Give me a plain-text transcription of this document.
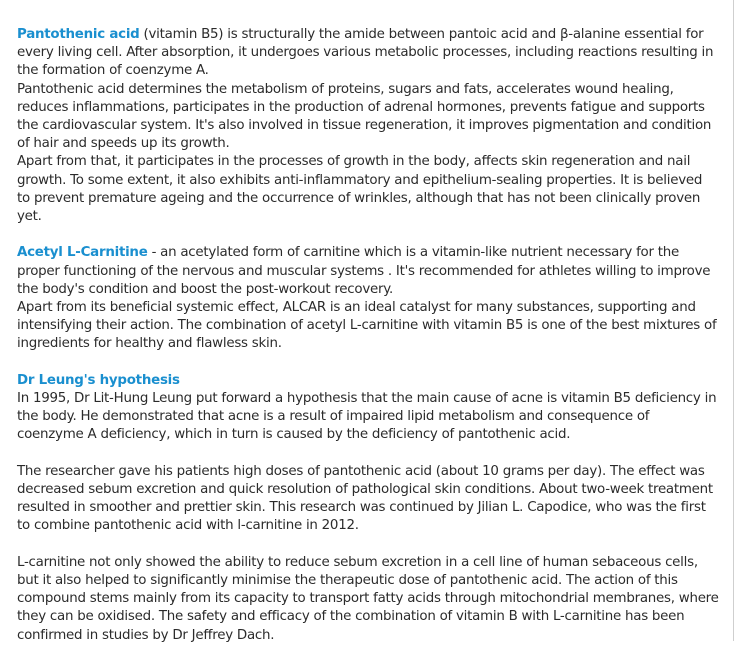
Pantothenic acid (vitamin B5) is structurally the amide between pantoic acid and β-alanine essential for every living cell. After absorption, it undergoes various metabolic processes, including reactions resulting in the formation of coenzyme A.

Pantothenic acid determines the metabolism of proteins, sugars and fats, accelerates wound healing, reduces inflammations, participates in the production of adrenal hormones, prevents fatigue and supports the cardiovascular system. It's also involved in tissue regeneration, it improves pigmentation and condition of hair and speeds up its growth.

Apart from that, it participates in the processes of growth in the body, affects skin regeneration and nail growth. To some extent, it also exhibits anti-inflammatory and epithelium-sealing properties. It is believed to prevent premature ageing and the occurrence of wrinkles, although that has not been clinically proven yet.

Acetyl L-Carnitine - an acetylated form of carnitine which is a vitamin-like nutrient necessary for the proper functioning of the nervous and muscular systems . It's recommended for athletes willing to improve the body's condition and boost the post-workout recovery.

Apart from its beneficial systemic effect, ALCAR is an ideal catalyst for many substances, supporting and intensifying their action. The combination of acetyl L-carnitine with vitamin B5 is one of the best mixtures of ingredients for healthy and flawless skin.

Dr Leung's hypothesis

In 1995, Dr Lit-Hung Leung put forward a hypothesis that the main cause of acne is vitamin B5 deficiency in the body. He demonstrated that acne is a result of impaired lipid metabolism and consequence of coenzyme A deficiency, which in turn is caused by the deficiency of pantothenic acid.

The researcher gave his patients high doses of pantothenic acid (about 10 grams per day). The effect was decreased sebum excretion and quick resolution of pathological skin conditions. About two-week treatment resulted in smoother and prettier skin. This research was continued by Jilian L. Capodice, who was the first to combine pantothenic acid with l-carnitine in 2012.

L-carnitine not only showed the ability to reduce sebum excretion in a cell line of human sebaceous cells, but it also helped to significantly minimise the therapeutic dose of pantothenic acid. The action of this compound stems mainly from its capacity to transport fatty acids through mitochondrial membranes, where they can be oxidised. The safety and efficacy of the combination of vitamin B with L-carnitine has been confirmed in studies by Dr Jeffrey Dach.
